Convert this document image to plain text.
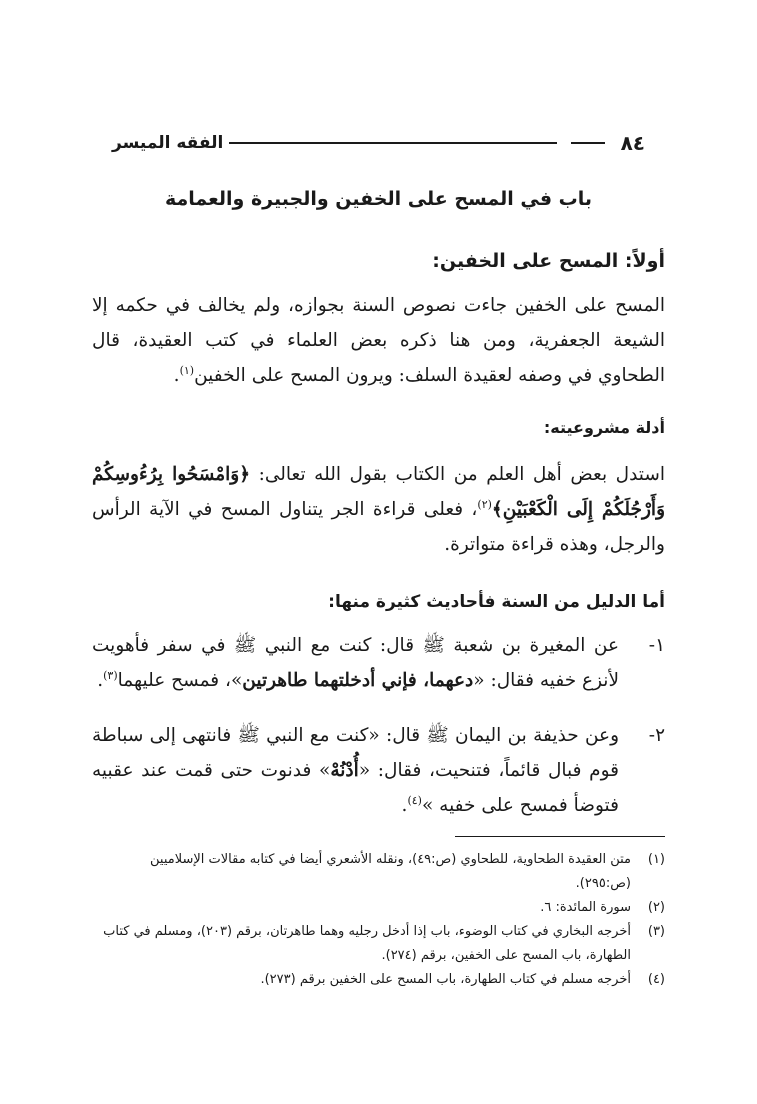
٨٤
الفقه الميسر
باب في المسح على الخفين والجبيرة والعمامة
أولاً: المسح على الخفين:
المسح على الخفين جاءت نصوص السنة بجوازه، ولم يخالف في حكمه إلا الشيعة الجعفرية، ومن هنا ذكره بعض العلماء في كتب العقيدة، قال الطحاوي في وصفه لعقيدة السلف: ويرون المسح على الخفين$^{(١)}$.
أدلة مشروعيته:
استدل بعض أهل العلم من الكتاب بقول الله تعالى: ﴿وَامْسَحُوا بِرُءُوسِكُمْ وَأَرْجُلَكُمْ إِلَى الْكَعْبَيْنِ﴾$^{(٢)}$، فعلى قراءة الجر يتناول المسح في الآية الرأس والرجل، وهذه قراءة متواترة.
أما الدليل من السنة فأحاديث كثيرة منها:
١-
عن المغيرة بن شعبة ﷺ قال: كنت مع النبي ﷺ في سفر فأهويت لأنزع خفيه فقال: «دعهما، فإني أدخلتهما طاهرتين»، فمسح عليهما$^{(٣)}$.
٢-
وعن حذيفة بن اليمان ﷺ قال: «كنت مع النبي ﷺ فانتهى إلى سباطة قوم فبال قائماً، فتنحيت، فقال: «أُدْنُهْ» فدنوت حتى قمت عند عقبيه فتوضأ فمسح على خفيه »$^{(٤)}$.
(١)
متن العقيدة الطحاوية، للطحاوي (ص:٤٩)، ونقله الأشعري أيضا في كتابه مقالات الإسلاميين (ص:٢٩٥).
(٢)
سورة المائدة: ٦.
(٣)
أخرجه البخاري في كتاب الوضوء، باب إذا أدخل رجليه وهما طاهرتان، برقم (٢٠٣)، ومسلم في كتاب الطهارة، باب المسح على الخفين، برقم (٢٧٤).
(٤)
أخرجه مسلم في كتاب الطهارة، باب المسح على الخفين برقم (٢٧٣).
